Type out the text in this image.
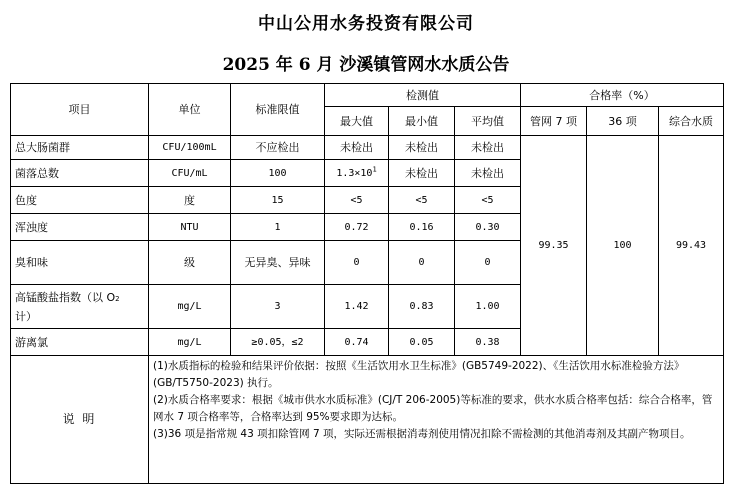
中山公用水务投资有限公司
2025 年 6 月 沙溪镇管网水水质公告
项目	单位	标准限值	检测值			合格率（%）		
			最大值	最小值	平均值	管网 7 项	36 项	综合水质
总大肠菌群	CFU/100mL	不应检出	未检出	未检出	未检出	99.35	100	99.43
菌落总数	CFU/mL	100	$1.3\times 10^1$	未检出	未检出			
色度	度	15	<5	<5	<5			
浑浊度	NTU	1	0.72	0.16	0.30			
臭和味	级	无异臭、异味	0	0	0			
高锰酸盐指数（以 O2
计）	mg/L	3	1.42	0.83	1.00			
游离氯	mg/L	≥0.05，≤2	0.74	0.05	0.38			
说 明	(1)水质指标的检验和结果评价依据：按照《生活饮用水卫生标准》(GB5749-2022)、《生活饮用水标准检验方法》(GB/T5750-2023) 执行。
(2)水质合格率要求：根据《城市供水水质标准》(CJ/T 206-2005)等标准的要求，供水水质合格率包括：综合合格率，管网水 7 项合格率等，合格率达到 95%要求即为达标。
(3)36 项是指常规 43 项扣除管网 7 项，实际还需根据消毒剂使用情况扣除不需检测的其他消毒剂及其副产物项目。							
